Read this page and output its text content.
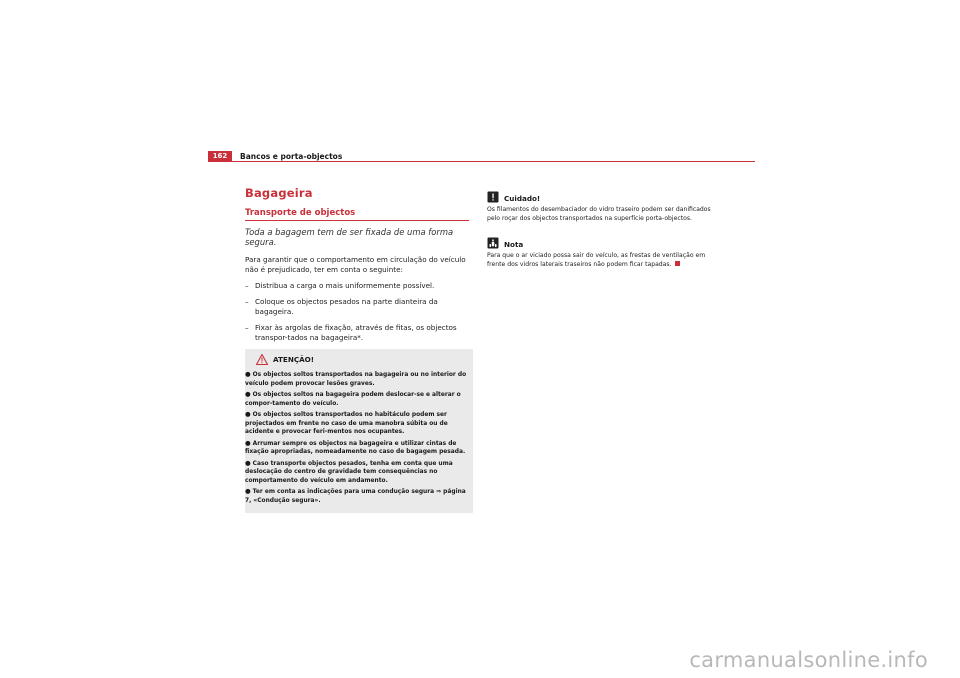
162	Bancos e porta-objectos
Bagageira
Transporte de objectos

Toda a bagagem tem de ser fixada de uma forma segura.

Para garantir que o comportamento em circulação do veículo não é prejudicado, ter em conta o seguinte:

– Distribua a carga o mais uniformemente possível.
– Coloque os objectos pesados na parte dianteira da bagageira.
– Fixar às argolas de fixação, através de fitas, os objectos transpor-tados na bagageira*.
ATENÇÃO!

● Os objectos soltos transportados na bagageira ou no interior do veículo podem provocar lesões graves.

● Os objectos soltos na bagageira podem deslocar-se e alterar o compor-tamento do veículo.

● Os objectos soltos transportados no habitáculo podem ser projectados em frente no caso de uma manobra súbita ou de acidente e provocar feri-mentos nos ocupantes.

● Arrumar sempre os objectos na bagageira e utilizar cintas de fixação apropriadas, nomeadamente no caso de bagagem pesada.

● Caso transporte objectos pesados, tenha em conta que uma deslocação do centro de gravidade tem consequências no comportamento do veículo em andamento.

● Ter em conta as indicações para uma condução segura ⇒ página 7, «Condução segura».

Cuidado!

Os filamentos do desembaciador do vidro traseiro podem ser danificados pelo roçar dos objectos transportados na superfície porta-objectos.

Nota

Para que o ar viciado possa sair do veículo, as frestas de ventilação em frente dos vidros laterais traseiros não podem ficar tapadas.

carmanualsonline.info
